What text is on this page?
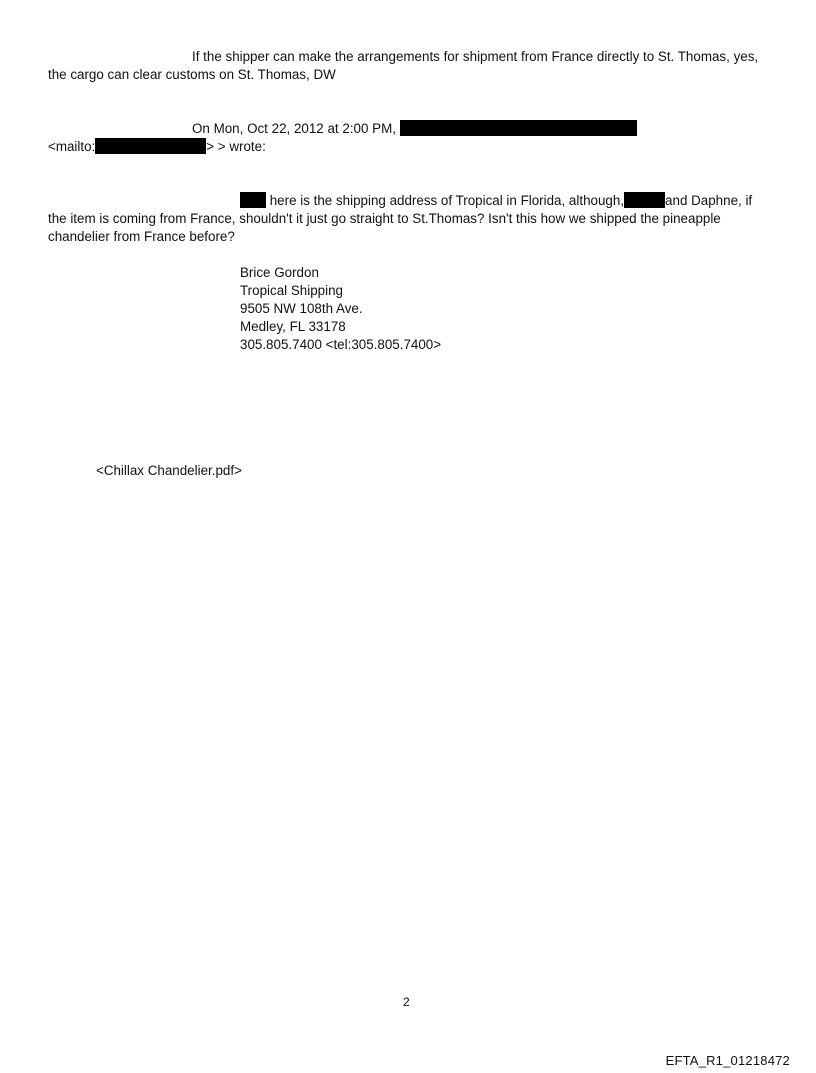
If the shipper can make the arrangements for shipment from France directly to St. Thomas, yes,
the cargo can clear customs on St. Thomas, DW
On Mon, Oct 22, 2012 at 2:00 PM,
<mailto:	> > wrote:
here is the shipping address of Tropical in Florida, although,	and Daphne, if
the item is coming from France, shouldn't it just go straight to St.Thomas? Isn't this how we shipped the pineapple
chandelier from France before?
Brice Gordon
Tropical Shipping
9505 NW 108th Ave.
Medley, FL 33178
305.805.7400 <tel:305.805.7400>
<Chillax Chandelier.pdf>
2
EFTA_R1_01218472
